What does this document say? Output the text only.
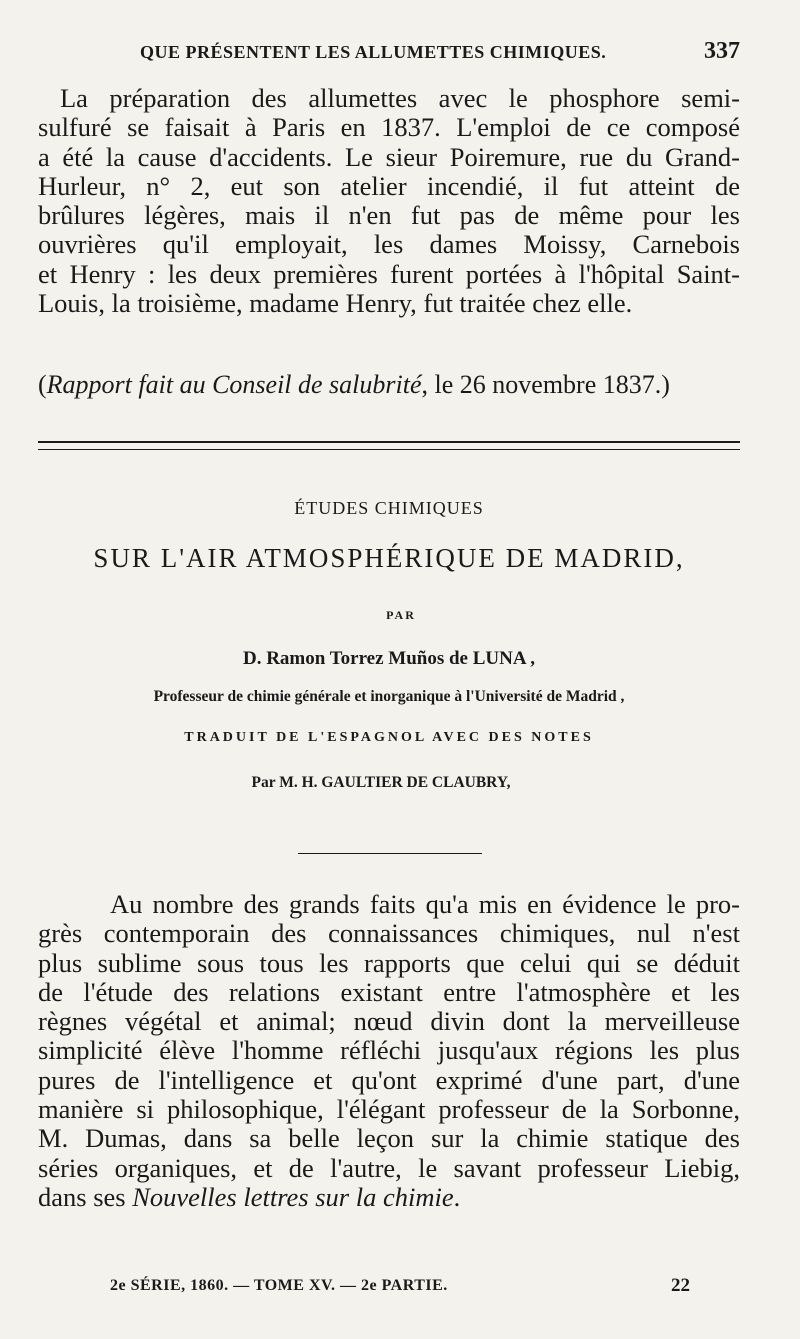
QUE PRÉSENTENT LES ALLUMETTES CHIMIQUES.	337
La préparation des allumettes avec le phosphore semi-
sulfuré se faisait à Paris en 1837. L'emploi de ce composé
a été la cause d'accidents. Le sieur Poiremure, rue du Grand-
Hurleur, n° 2, eut son atelier incendié, il fut atteint de
brûlures légères, mais il n'en fut pas de même pour les
ouvrières qu'il employait, les dames Moissy, Carnebois
et Henry : les deux premières furent portées à l'hôpital Saint-
Louis, la troisième, madame Henry, fut traitée chez elle.
(Rapport fait au Conseil de salubrité, le 26 novembre 1837.)
ÉTUDES CHIMIQUES
SUR L'AIR ATMOSPHÉRIQUE DE MADRID,
PAR
D. Ramon Torrez Muños de LUNA ,
Professeur de chimie générale et inorganique à l'Université de Madrid ,
TRADUIT DE L'ESPAGNOL AVEC DES NOTES
Par M. H. GAULTIER DE CLAUBRY,
Au nombre des grands faits qu'a mis en évidence le pro-
grès contemporain des connaissances chimiques, nul n'est
plus sublime sous tous les rapports que celui qui se déduit
de l'étude des relations existant entre l'atmosphère et les
règnes végétal et animal; nœud divin dont la merveilleuse
simplicité élève l'homme réfléchi jusqu'aux régions les plus
pures de l'intelligence et qu'ont exprimé d'une part, d'une
manière si philosophique, l'élégant professeur de la Sorbonne,
M. Dumas, dans sa belle leçon sur la chimie statique des
séries organiques, et de l'autre, le savant professeur Liebig,
dans ses Nouvelles lettres sur la chimie.
2e SÉRIE, 1860. — TOME XV. — 2e PARTIE.	22
